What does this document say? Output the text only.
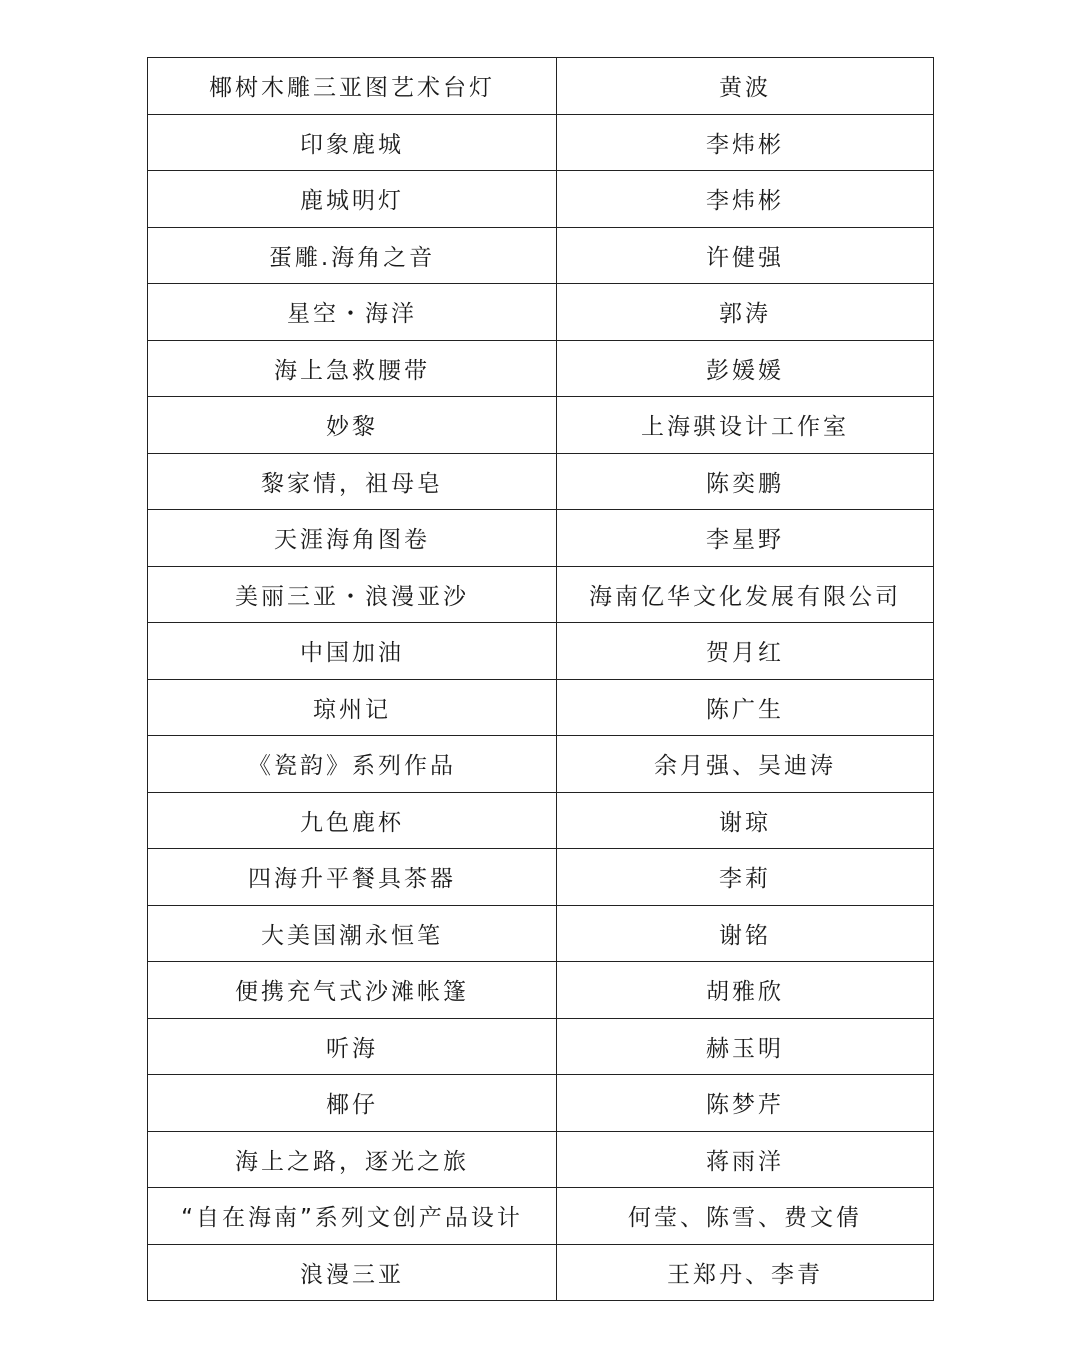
椰树木雕三亚图艺术台灯	黄波
印象鹿城	李炜彬
鹿城明灯	李炜彬
蛋雕.海角之音	许健强
星空・海洋	郭涛
海上急救腰带	彭媛媛
妙黎	上海骐设计工作室
黎家情，祖母皂	陈奕鹏
天涯海角图卷	李星野
美丽三亚・浪漫亚沙	海南亿华文化发展有限公司
中国加油	贺月红
琼州记	陈广生
《瓷韵》系列作品	余月强、吴迪涛
九色鹿杯	谢琼
四海升平餐具茶器	李莉
大美国潮永恒笔	谢铭
便携充气式沙滩帐篷	胡雅欣
听海	赫玉明
椰仔	陈梦芹
海上之路，逐光之旅	蒋雨洋
“自在海南”系列文创产品设计	何莹、陈雪、费文倩
浪漫三亚	王郑丹、李青
